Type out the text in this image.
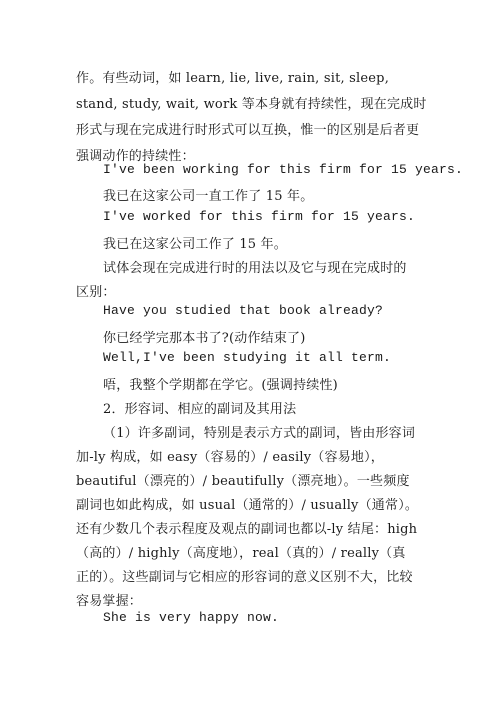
作。有些动词，如 learn, lie, live, rain, sit, sleep,
stand, study, wait, work 等本身就有持续性，现在完成时
形式与现在完成进行时形式可以互换，惟一的区别是后者更
强调动作的持续性：
I've been working for this firm for 15 years.
我已在这家公司一直工作了 15 年。
I've worked for this firm for 15 years.
我已在这家公司工作了 15 年。
试体会现在完成进行时的用法以及它与现在完成时的
区别：
Have you studied that book already?
你已经学完那本书了?(动作结束了)
Well,I've been studying it all term.
唔，我整个学期都在学它。(强调持续性)
2．形容词、相应的副词及其用法
（1）许多副词，特别是表示方式的副词，皆由形容词
加-ly 构成，如 easy（容易的）/ easily（容易地），
beautiful（漂亮的）/ beautifully（漂亮地）。一些频度
副词也如此构成，如 usual（通常的）/ usually（通常）。
还有少数几个表示程度及观点的副词也都以-ly 结尾：high
（高的）/ highly（高度地），real（真的）/ really（真
正的）。这些副词与它相应的形容词的意义区别不大，比较
容易掌握：
She is very happy now.
